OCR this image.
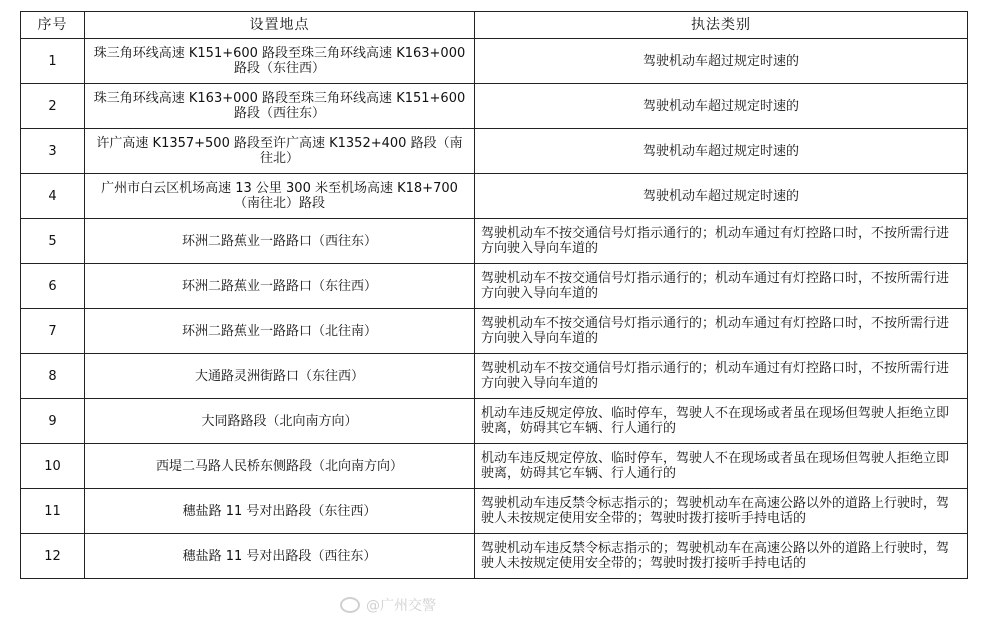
序号	设置地点	执法类别
1	珠三角环线高速 K151+600 路段至珠三角环线高速 K163+000 路段（东往西）	驾驶机动车超过规定时速的
2	珠三角环线高速 K163+000 路段至珠三角环线高速 K151+600 路段（西往东）	驾驶机动车超过规定时速的
3	许广高速 K1357+500 路段至许广高速 K1352+400 路段（南往北）	驾驶机动车超过规定时速的
4	广州市白云区机场高速 13 公里 300 米至机场高速 K18+700（南往北）路段	驾驶机动车超过规定时速的
5	环洲二路蕉业一路路口（西往东）	驾驶机动车不按交通信号灯指示通行的；机动车通过有灯控路口时，不按所需行进方向驶入导向车道的
6	环洲二路蕉业一路路口（东往西）	驾驶机动车不按交通信号灯指示通行的；机动车通过有灯控路口时，不按所需行进方向驶入导向车道的
7	环洲二路蕉业一路路口（北往南）	驾驶机动车不按交通信号灯指示通行的；机动车通过有灯控路口时，不按所需行进方向驶入导向车道的
8	大通路灵洲街路口（东往西）	驾驶机动车不按交通信号灯指示通行的；机动车通过有灯控路口时，不按所需行进方向驶入导向车道的
9	大同路路段（北向南方向）	机动车违反规定停放、临时停车，驾驶人不在现场或者虽在现场但驾驶人拒绝立即驶离，妨碍其它车辆、行人通行的
10	西堤二马路人民桥东侧路段（北向南方向）	机动车违反规定停放、临时停车，驾驶人不在现场或者虽在现场但驾驶人拒绝立即驶离，妨碍其它车辆、行人通行的
11	穗盐路 11 号对出路段（东往西）	驾驶机动车违反禁令标志指示的；驾驶机动车在高速公路以外的道路上行驶时，驾驶人未按规定使用安全带的；驾驶时拨打接听手持电话的
12	穗盐路 11 号对出路段（西往东）	驾驶机动车违反禁令标志指示的；驾驶机动车在高速公路以外的道路上行驶时，驾驶人未按规定使用安全带的；驾驶时拨打接听手持电话的
@广州交警
